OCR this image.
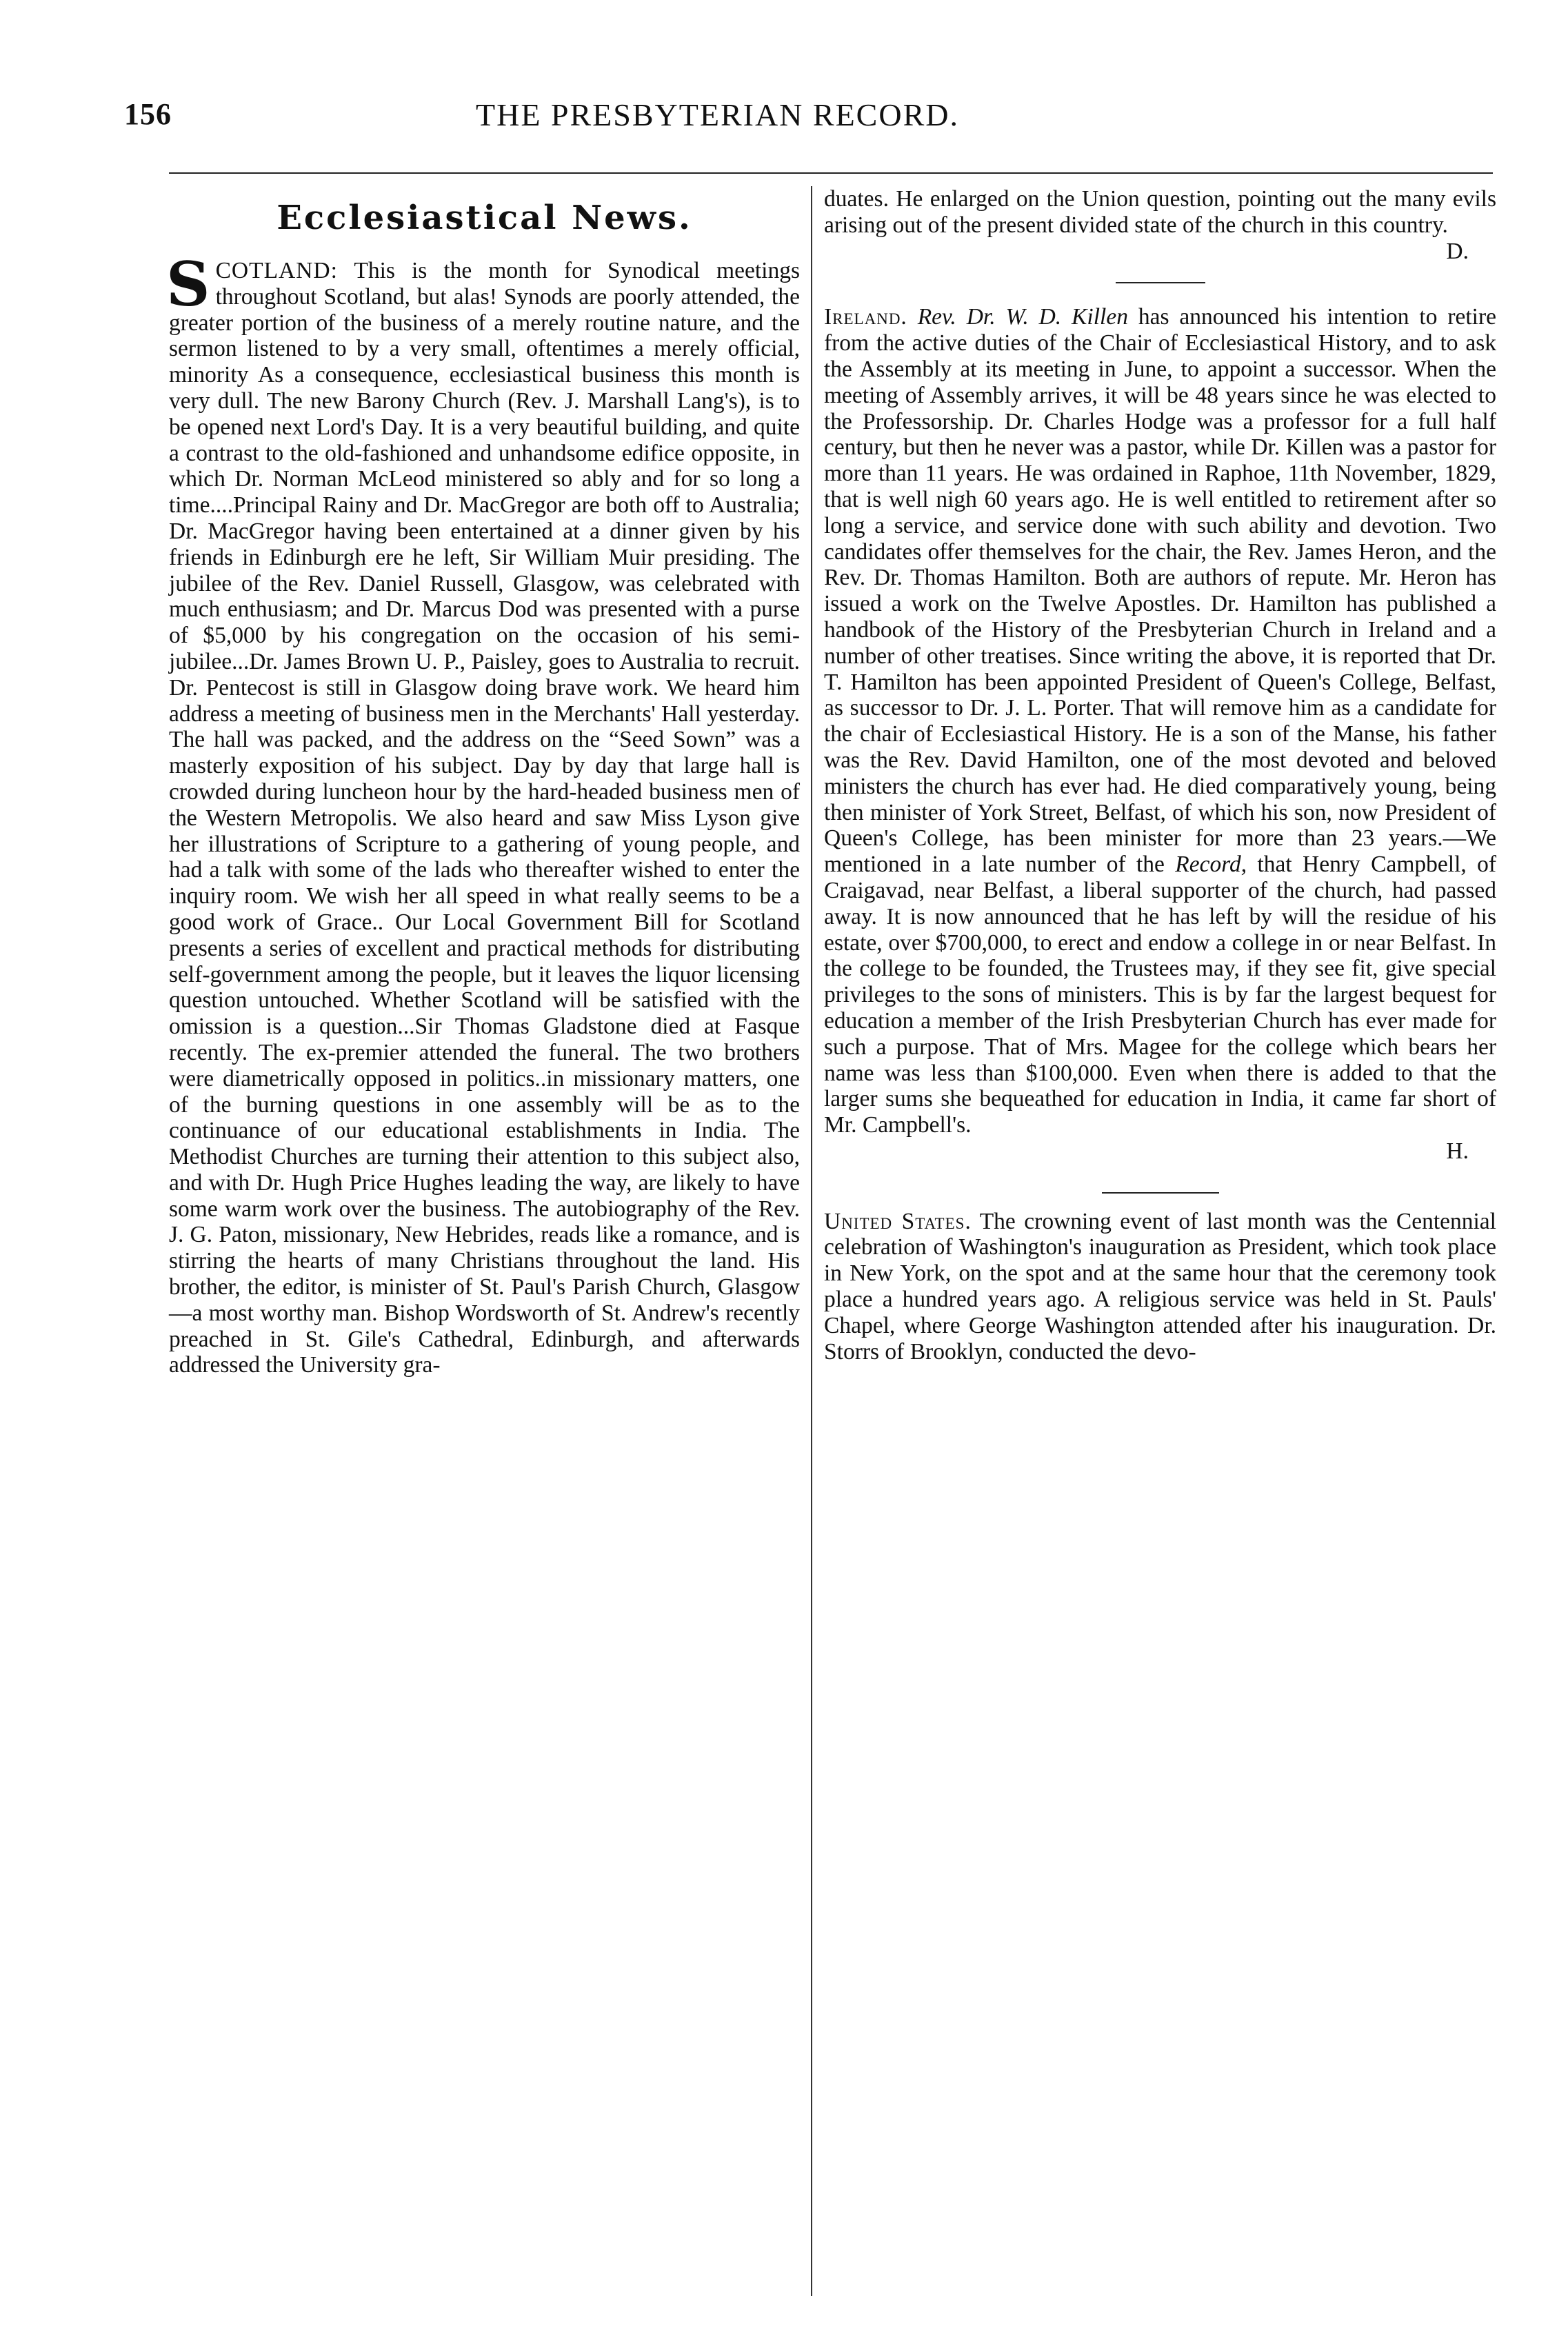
156	THE PRESBYTERIAN RECORD.
Ecclesiastical News.

SCOTLAND: This is the month for Synodical meetings throughout Scotland, but alas! Synods are poorly attended, the greater portion of the business of a merely routine nature, and the sermon listened to by a very small, oftentimes a merely official, minority As a consequence, ecclesiastical business this month is very dull. The new Barony Church (Rev. J. Marshall Lang's), is to be opened next Lord's Day. It is a very beautiful building, and quite a contrast to the old-fashioned and unhandsome edifice opposite, in which Dr. Norman McLeod ministered so ably and for so long a time....Principal Rainy and Dr. MacGregor are both off to Australia; Dr. MacGregor having been entertained at a dinner given by his friends in Edinburgh ere he left, Sir William Muir presiding. The jubilee of the Rev. Daniel Russell, Glasgow, was celebrated with much enthusiasm; and Dr. Marcus Dod was presented with a purse of $5,000 by his congregation on the occasion of his semi-jubilee...Dr. James Brown U. P., Paisley, goes to Australia to recruit. Dr. Pentecost is still in Glasgow doing brave work. We heard him address a meeting of business men in the Merchants' Hall yesterday. The hall was packed, and the address on the “Seed Sown” was a masterly exposition of his subject. Day by day that large hall is crowded during luncheon hour by the hard-headed business men of the Western Metropolis. We also heard and saw Miss Lyson give her illustrations of Scripture to a gathering of young people, and had a talk with some of the lads who thereafter wished to enter the inquiry room. We wish her all speed in what really seems to be a good work of Grace.. Our Local Government Bill for Scotland presents a series of excellent and practical methods for distributing self-government among the people, but it leaves the liquor licensing question untouched. Whether Scotland will be satisfied with the omission is a question...Sir Thomas Gladstone died at Fasque recently. The ex-premier attended the funeral. The two brothers were diametrically opposed in politics..in missionary matters, one of the burning questions in one assembly will be as to the continuance of our educational establishments in India. The Methodist Churches are turning their attention to this subject also, and with Dr. Hugh Price Hughes leading the way, are likely to have some warm work over the business. The autobiography of the Rev. J. G. Paton, missionary, New Hebrides, reads like a romance, and is stirring the hearts of many Christians throughout the land. His brother, the editor, is minister of St. Paul's Parish Church, Glasgow—a most worthy man. Bishop Wordsworth of St. Andrew's recently preached in St. Gile's Cathedral, Edinburgh, and afterwards addressed the University gra-

duates. He enlarged on the Union question, pointing out the many evils arising out of the present divided state of the church in this country.
D.

Ireland. Rev. Dr. W. D. Killen has announced his intention to retire from the active duties of the Chair of Ecclesiastical History, and to ask the Assembly at its meeting in June, to appoint a successor. When the meeting of Assembly arrives, it will be 48 years since he was elected to the Professorship. Dr. Charles Hodge was a professor for a full half century, but then he never was a pastor, while Dr. Killen was a pastor for more than 11 years. He was ordained in Raphoe, 11th November, 1829, that is well nigh 60 years ago. He is well entitled to retirement after so long a service, and service done with such ability and devotion. Two candidates offer themselves for the chair, the Rev. James Heron, and the Rev. Dr. Thomas Hamilton. Both are authors of repute. Mr. Heron has issued a work on the Twelve Apostles. Dr. Hamilton has published a handbook of the History of the Presbyterian Church in Ireland and a number of other treatises. Since writing the above, it is reported that Dr. T. Hamilton has been appointed President of Queen's College, Belfast, as successor to Dr. J. L. Porter. That will remove him as a candidate for the chair of Ecclesiastical History. He is a son of the Manse, his father was the Rev. David Hamilton, one of the most devoted and beloved ministers the church has ever had. He died comparatively young, being then minister of York Street, Belfast, of which his son, now President of Queen's College, has been minister for more than 23 years.—We mentioned in a late number of the Record, that Henry Campbell, of Craigavad, near Belfast, a liberal supporter of the church, had passed away. It is now announced that he has left by will the residue of his estate, over $700,000, to erect and endow a college in or near Belfast. In the college to be founded, the Trustees may, if they see fit, give special privileges to the sons of ministers. This is by far the largest bequest for education a member of the Irish Presbyterian Church has ever made for such a purpose. That of Mrs. Magee for the college which bears her name was less than $100,000. Even when there is added to that the larger sums she bequeathed for education in India, it came far short of Mr. Campbell's.
H.

United States. The crowning event of last month was the Centennial celebration of Washington's inauguration as President, which took place in New York, on the spot and at the same hour that the ceremony took place a hundred years ago. A religious service was held in St. Pauls' Chapel, where George Washington attended after his inauguration. Dr. Storrs of Brooklyn, conducted the devo-
